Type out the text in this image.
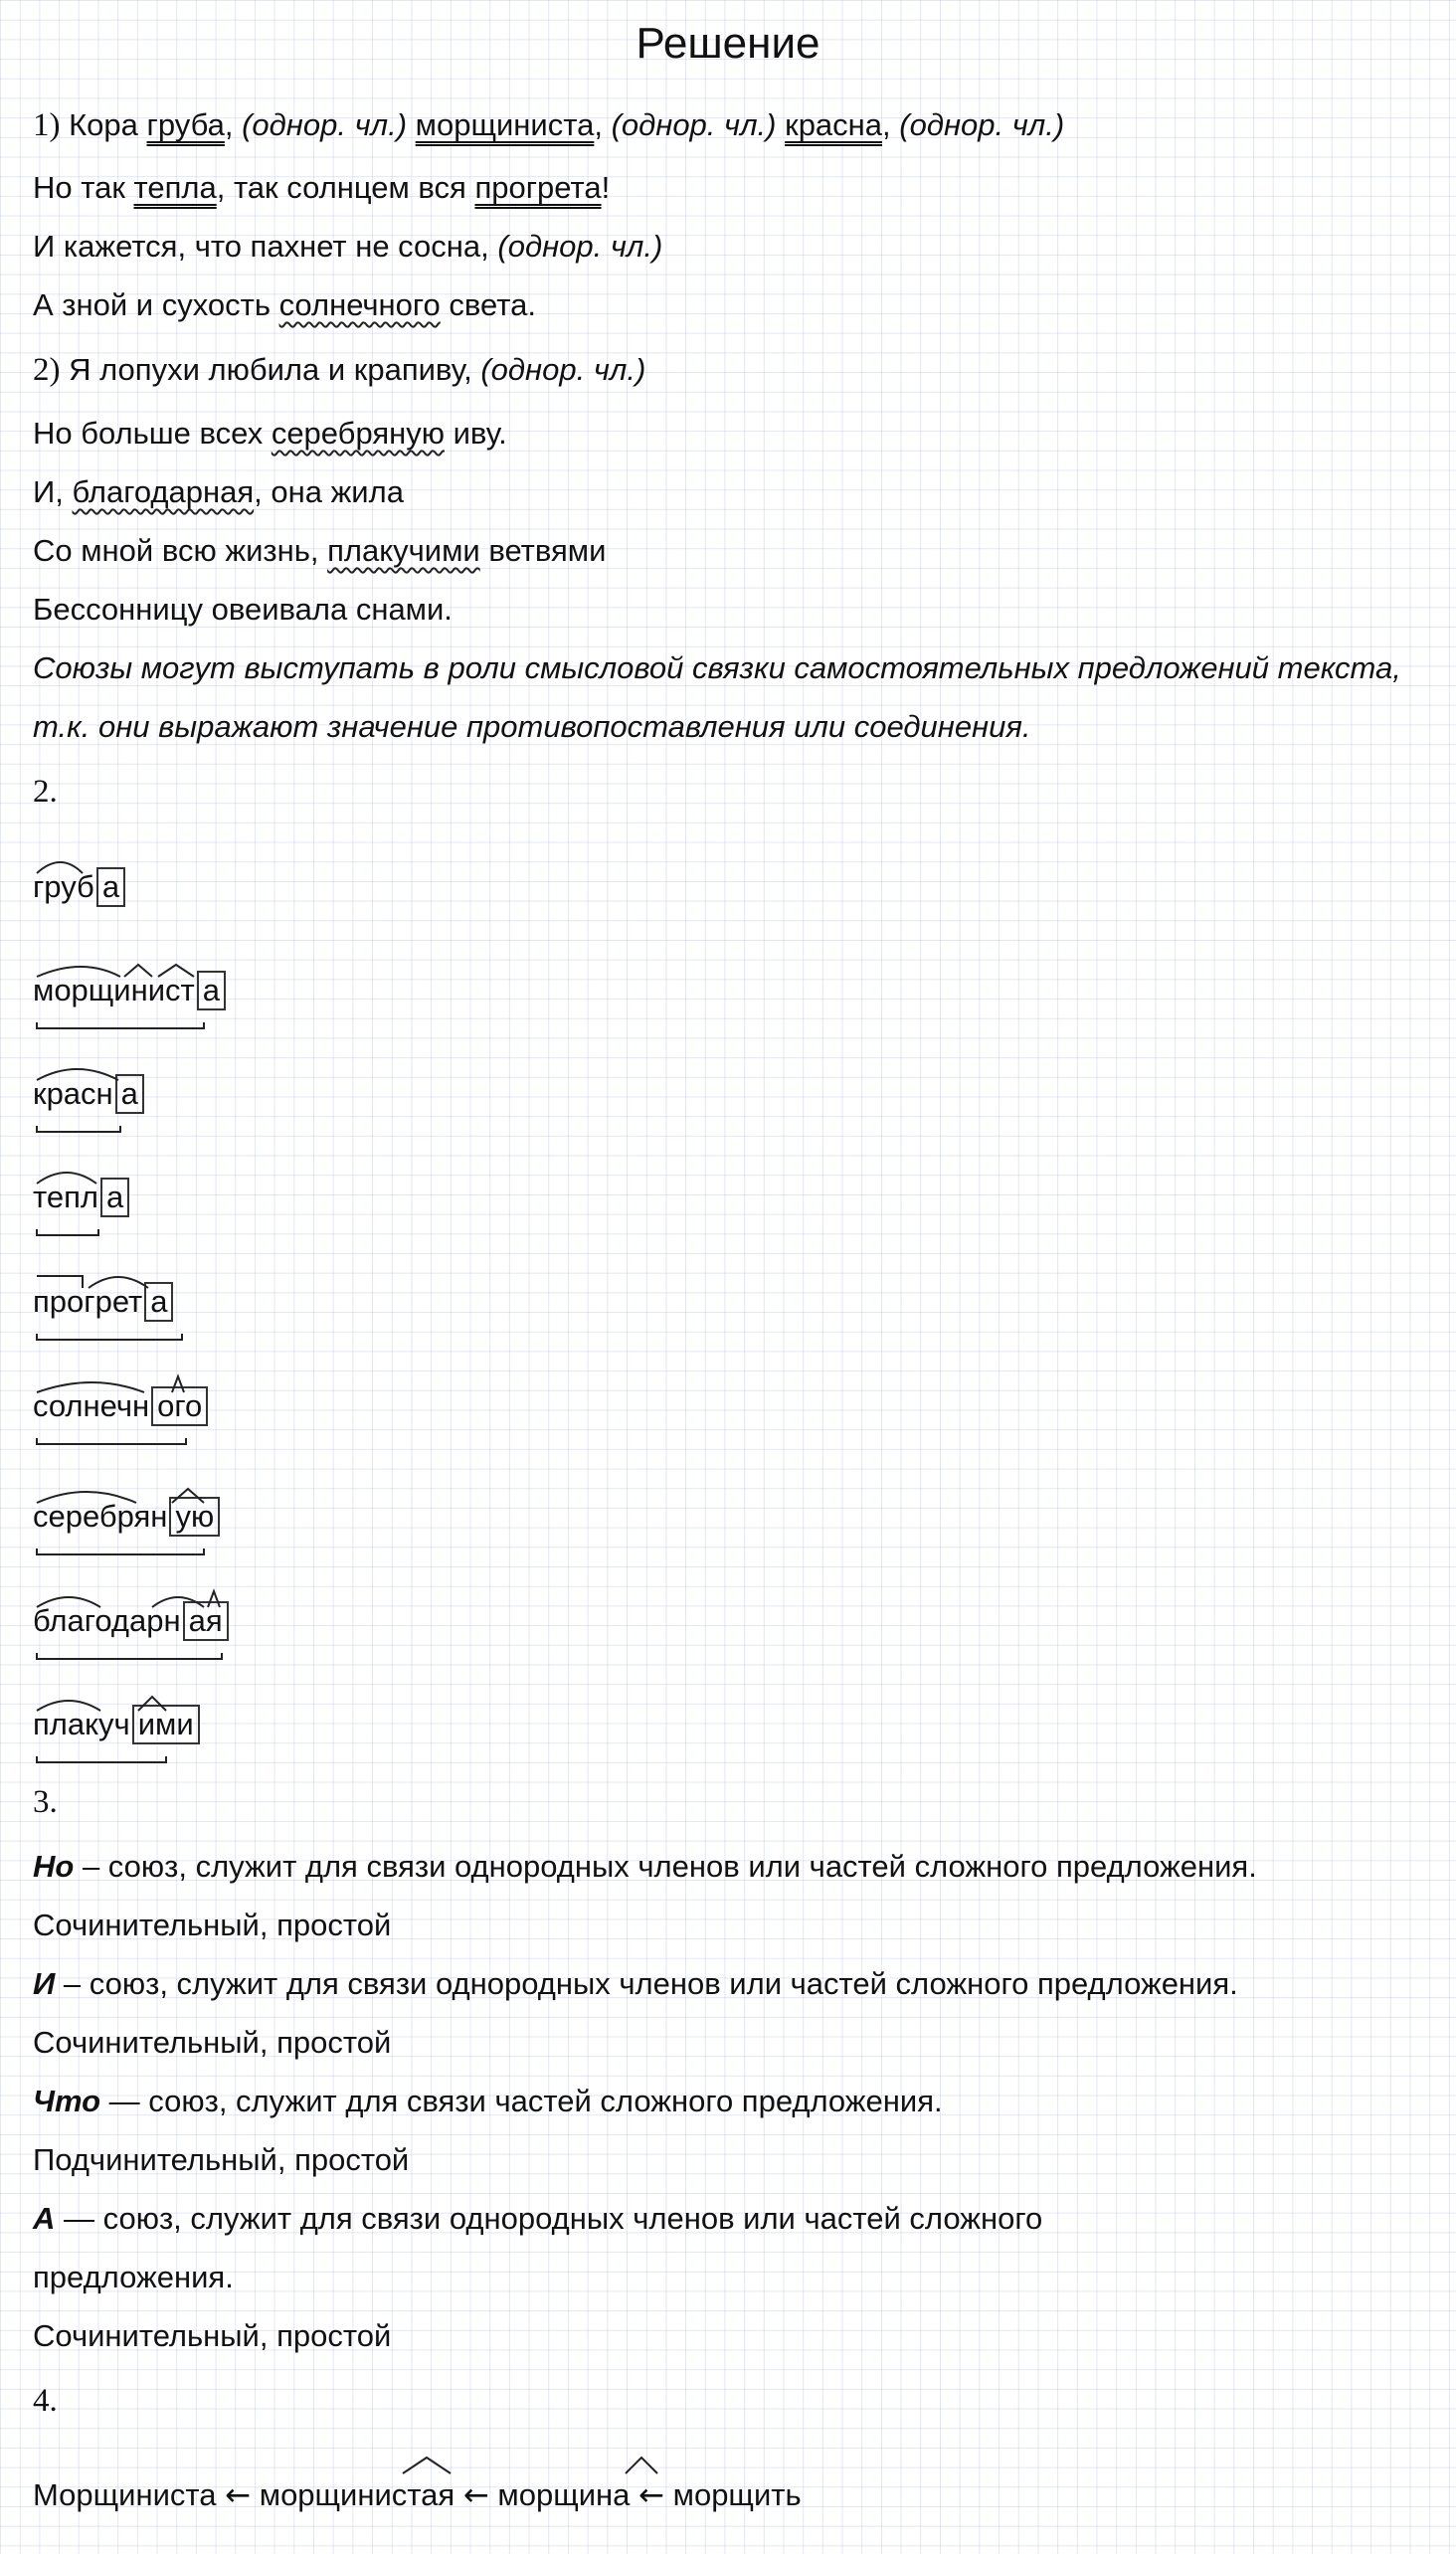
Решение
1) Кора груба, (однор. чл.) морщиниста, (однор. чл.) красна, (однор. чл.)
Но так тепла, так солнцем вся прогрета!
И кажется, что пахнет не сосна, (однор. чл.)
А зной и сухость солнечного света.
2) Я лопухи любила и крапиву, (однор. чл.)
Но больше всех серебряную иву.
И, благодарная, она жила
Со мной всю жизнь, плакучими ветвями
Бессонницу овеивала снами.
Союзы могут выступать в роли смысловой связки самостоятельных предложений текста,
т.к. они выражают значение противопоставления или соединения.
2.
груб а
морщинист а
красн а
тепл а
прогрет а
солнечн ого
серебрян ую
благодарн ая
плакуч ими
3.
Но – союз, служит для связи однородных членов или частей сложного предложения.
Сочинительный, простой
И – союз, служит для связи однородных членов или частей сложного предложения.
Сочинительный, простой
Что — союз, служит для связи частей сложного предложения.
Подчинительный, простой
А — союз, служит для связи однородных членов или частей сложного
предложения.
Сочинительный, простой
4.
Морщиниста ← морщинистая ← морщина ← морщить
